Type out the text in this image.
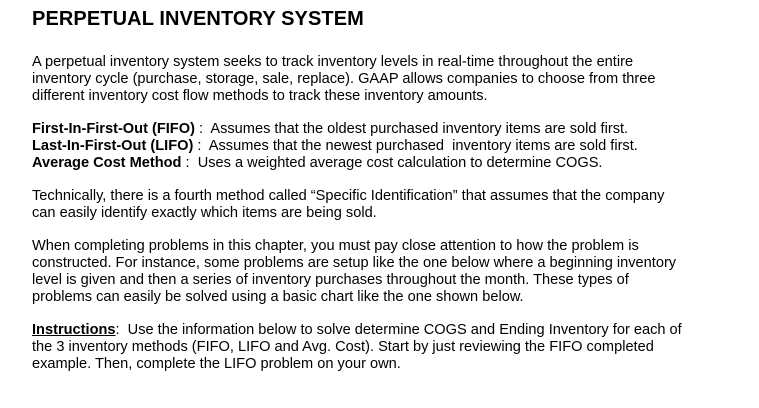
PERPETUAL INVENTORY SYSTEM
A perpetual inventory system seeks to track inventory levels in real-time throughout the entire
inventory cycle (purchase, storage, sale, replace). GAAP allows companies to choose from three
different inventory cost flow methods to track these inventory amounts.
First-In-First-Out (FIFO) :  Assumes that the oldest purchased inventory items are sold first.
Last-In-First-Out (LIFO) :  Assumes that the newest purchased  inventory items are sold first.
Average Cost Method :  Uses a weighted average cost calculation to determine COGS.
Technically, there is a fourth method called “Specific Identification” that assumes that the company
can easily identify exactly which items are being sold.
When completing problems in this chapter, you must pay close attention to how the problem is
constructed. For instance, some problems are setup like the one below where a beginning inventory
level is given and then a series of inventory purchases throughout the month. These types of
problems can easily be solved using a basic chart like the one shown below.
Instructions:  Use the information below to solve determine COGS and Ending Inventory for each of
the 3 inventory methods (FIFO, LIFO and Avg. Cost). Start by just reviewing the FIFO completed
example. Then, complete the LIFO problem on your own.
